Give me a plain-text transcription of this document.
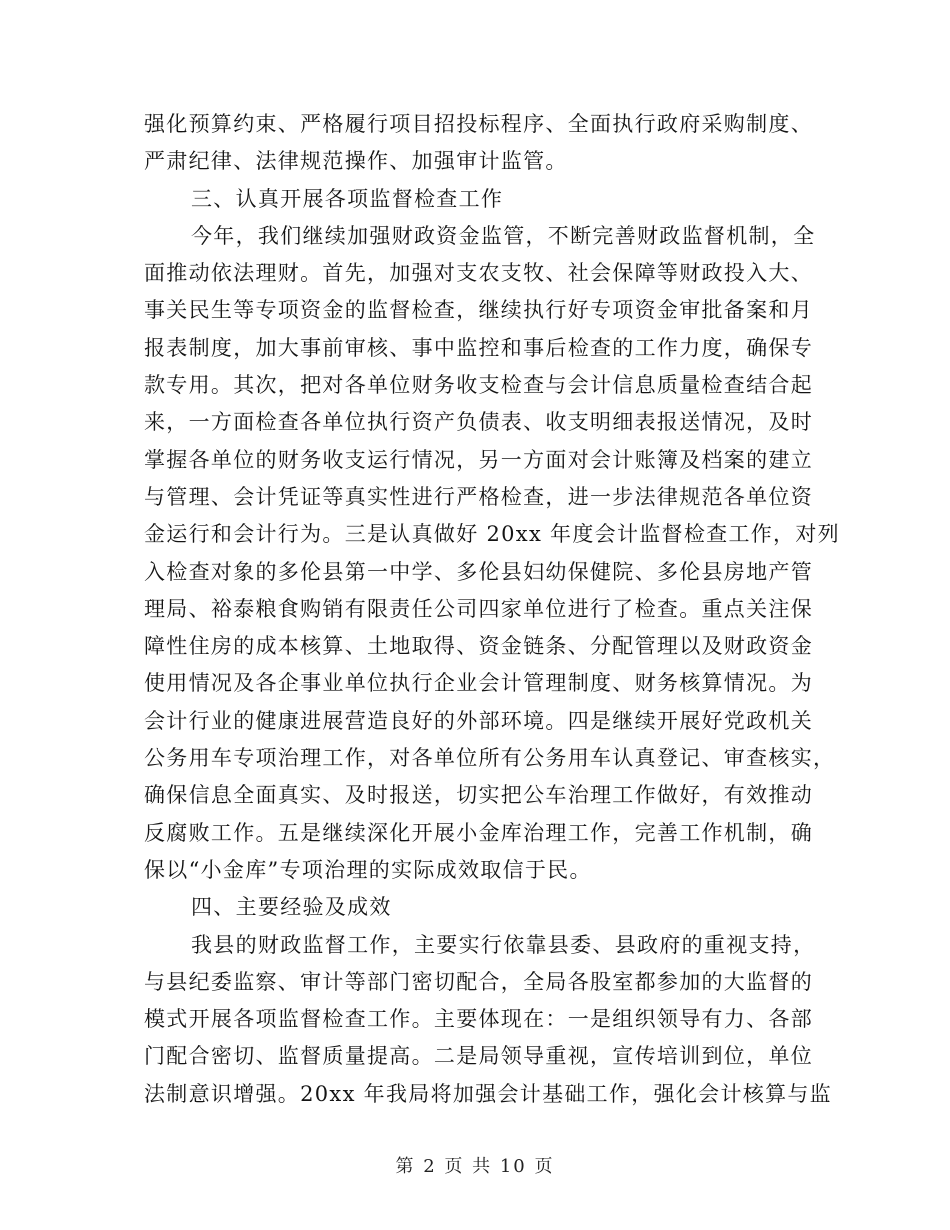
强化预算约束、严格履行项目招投标程序、全面执行政府采购制度、
严肃纪律、法律规范操作、加强审计监管。
三、认真开展各项监督检查工作
今年，我们继续加强财政资金监管，不断完善财政监督机制，全
面推动依法理财。首先，加强对支农支牧、社会保障等财政投入大、
事关民生等专项资金的监督检查，继续执行好专项资金审批备案和月
报表制度，加大事前审核、事中监控和事后检查的工作力度，确保专
款专用。其次，把对各单位财务收支检查与会计信息质量检查结合起
来，一方面检查各单位执行资产负债表、收支明细表报送情况，及时
掌握各单位的财务收支运行情况，另一方面对会计账簿及档案的建立
与管理、会计凭证等真实性进行严格检查，进一步法律规范各单位资
金运行和会计行为。三是认真做好 20xx 年度会计监督检查工作，对列
入检查对象的多伦县第一中学、多伦县妇幼保健院、多伦县房地产管
理局、裕泰粮食购销有限责任公司四家单位进行了检查。重点关注保
障性住房的成本核算、土地取得、资金链条、分配管理以及财政资金
使用情况及各企事业单位执行企业会计管理制度、财务核算情况。为
会计行业的健康进展营造良好的外部环境。四是继续开展好党政机关
公务用车专项治理工作，对各单位所有公务用车认真登记、审查核实，
确保信息全面真实、及时报送，切实把公车治理工作做好，有效推动
反腐败工作。五是继续深化开展小金库治理工作，完善工作机制，确
保以“小金库”专项治理的实际成效取信于民。
四、主要经验及成效
我县的财政监督工作，主要实行依靠县委、县政府的重视支持，
与县纪委监察、审计等部门密切配合，全局各股室都参加的大监督的
模式开展各项监督检查工作。主要体现在：一是组织领导有力、各部
门配合密切、监督质量提高。二是局领导重视，宣传培训到位，单位
法制意识增强。20xx 年我局将加强会计基础工作，强化会计核算与监
第 2 页 共 10 页
